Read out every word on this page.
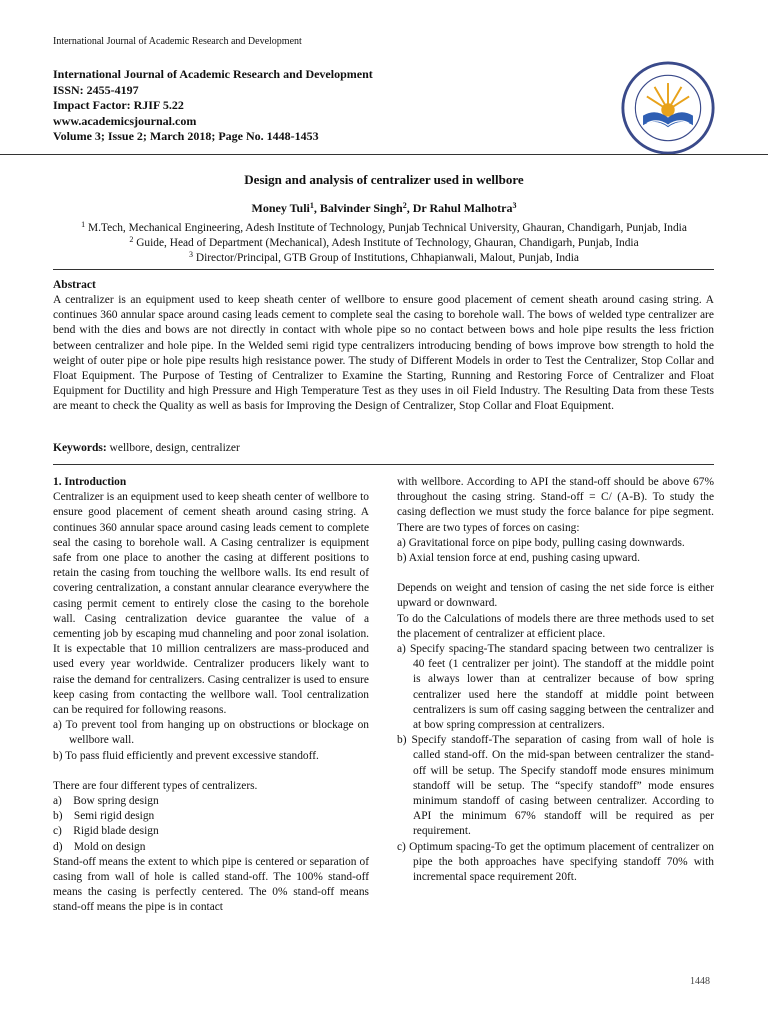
International Journal of Academic Research and Development
International Journal of Academic Research and Development
ISSN: 2455-4197
Impact Factor: RJIF 5.22
www.academicsjournal.com
Volume 3; Issue 2; March 2018; Page No. 1448-1453
Design and analysis of centralizer used in wellbore
Money Tuli$^1$, Balvinder Singh$^2$, Dr Rahul Malhotra$^3$
$^1$ M.Tech, Mechanical Engineering, Adesh Institute of Technology, Punjab Technical University, Ghauran, Chandigarh, Punjab, India
$^2$ Guide, Head of Department (Mechanical), Adesh Institute of Technology, Ghauran, Chandigarh, Punjab, India
$^3$ Director/Principal, GTB Group of Institutions, Chhapianwali, Malout, Punjab, India
Abstract
A centralizer is an equipment used to keep sheath center of wellbore to ensure good placement of cement sheath around casing string. A continues 360 annular space around casing leads cement to complete seal the casing to borehole wall. The bows of welded type centralizer are bend with the dies and bows are not directly in contact with whole pipe so no contact between bows and hole pipe results the less friction between centralizer and hole pipe. In the Welded semi rigid type centralizers introducing bending of bows improve bow strength to hold the weight of outer pipe or hole pipe results high resistance power. The study of Different Models in order to Test the Centralizer, Stop Collar and Float Equipment. The Purpose of Testing of Centralizer to Examine the Starting, Running and Restoring Force of Centralizer and Float Equipment for Ductility and high Pressure and High Temperature Test as they uses in oil Field Industry. The Resulting Data from these Tests are meant to check the Quality as well as basis for Improving the Design of Centralizer, Stop Collar and Float Equipment.
Keywords: wellbore, design, centralizer

1. Introduction

Centralizer is an equipment used to keep sheath center of wellbore to ensure good placement of cement sheath around casing string. A continues 360 annular space around casing leads cement to complete seal the casing to borehole wall. A Casing centralizer is equipment safe from one place to another the casing at different positions to retain the casing from touching the wellbore walls. Its end result of covering centralization, a constant annular clearance everywhere the casing permit cement to entirely close the casing to the borehole wall. Casing centralization device guarantee the value of a cementing job by escaping mud channeling and poor zonal isolation. It is expectable that 10 million centralizers are mass-produced and used every year worldwide. Centralizer producers likely want to raise the demand for centralizers. Casing centralizer is used to ensure keep casing from contacting the wellbore wall. Tool centralization can be required for following reasons.

a) To prevent tool from hanging up on obstructions or blockage on wellbore wall.

b) To pass fluid efficiently and prevent excessive standoff.

There are four different types of centralizers.

a)    Bow spring design

b)    Semi rigid design

c)    Rigid blade design

d)    Mold on design

Stand-off means the extent to which pipe is centered or separation of casing from wall of hole is called stand-off. The 100% stand-off means the casing is perfectly centered. The 0% stand-off means stand-off means the pipe is in contact

with wellbore. According to API the stand-off should be above 67% throughout the casing string. Stand-off = C/ (A-B). To study the casing deflection we must study the force balance for pipe segment. There are two types of forces on casing:

a) Gravitational force on pipe body, pulling casing downwards.

b) Axial tension force at end, pushing casing upward.

Depends on weight and tension of casing the net side force is either upward or downward.

To do the Calculations of models there are three methods used to set the placement of centralizer at efficient place.

a) Specify spacing-The standard spacing between two centralizer is 40 feet (1 centralizer per joint). The standoff at the middle point is always lower than at centralizer because of bow spring centralizer used here the standoff at middle point between centralizers is sum off casing sagging between the centralizer and at bow spring compression at centralizers.

b) Specify standoff-The separation of casing from wall of hole is called stand-off. On the mid-span between centralizer the stand-off will be setup. The Specify standoff mode ensures minimum standoff will be setup. The “specify standoff” mode ensures minimum standoff of casing between centralizer. According to API the minimum 67% standoff will be required as per requirement.

c) Optimum spacing-To get the optimum placement of centralizer on pipe the both approaches have specifying standoff 70% with incremental space requirement 20ft.

1448
